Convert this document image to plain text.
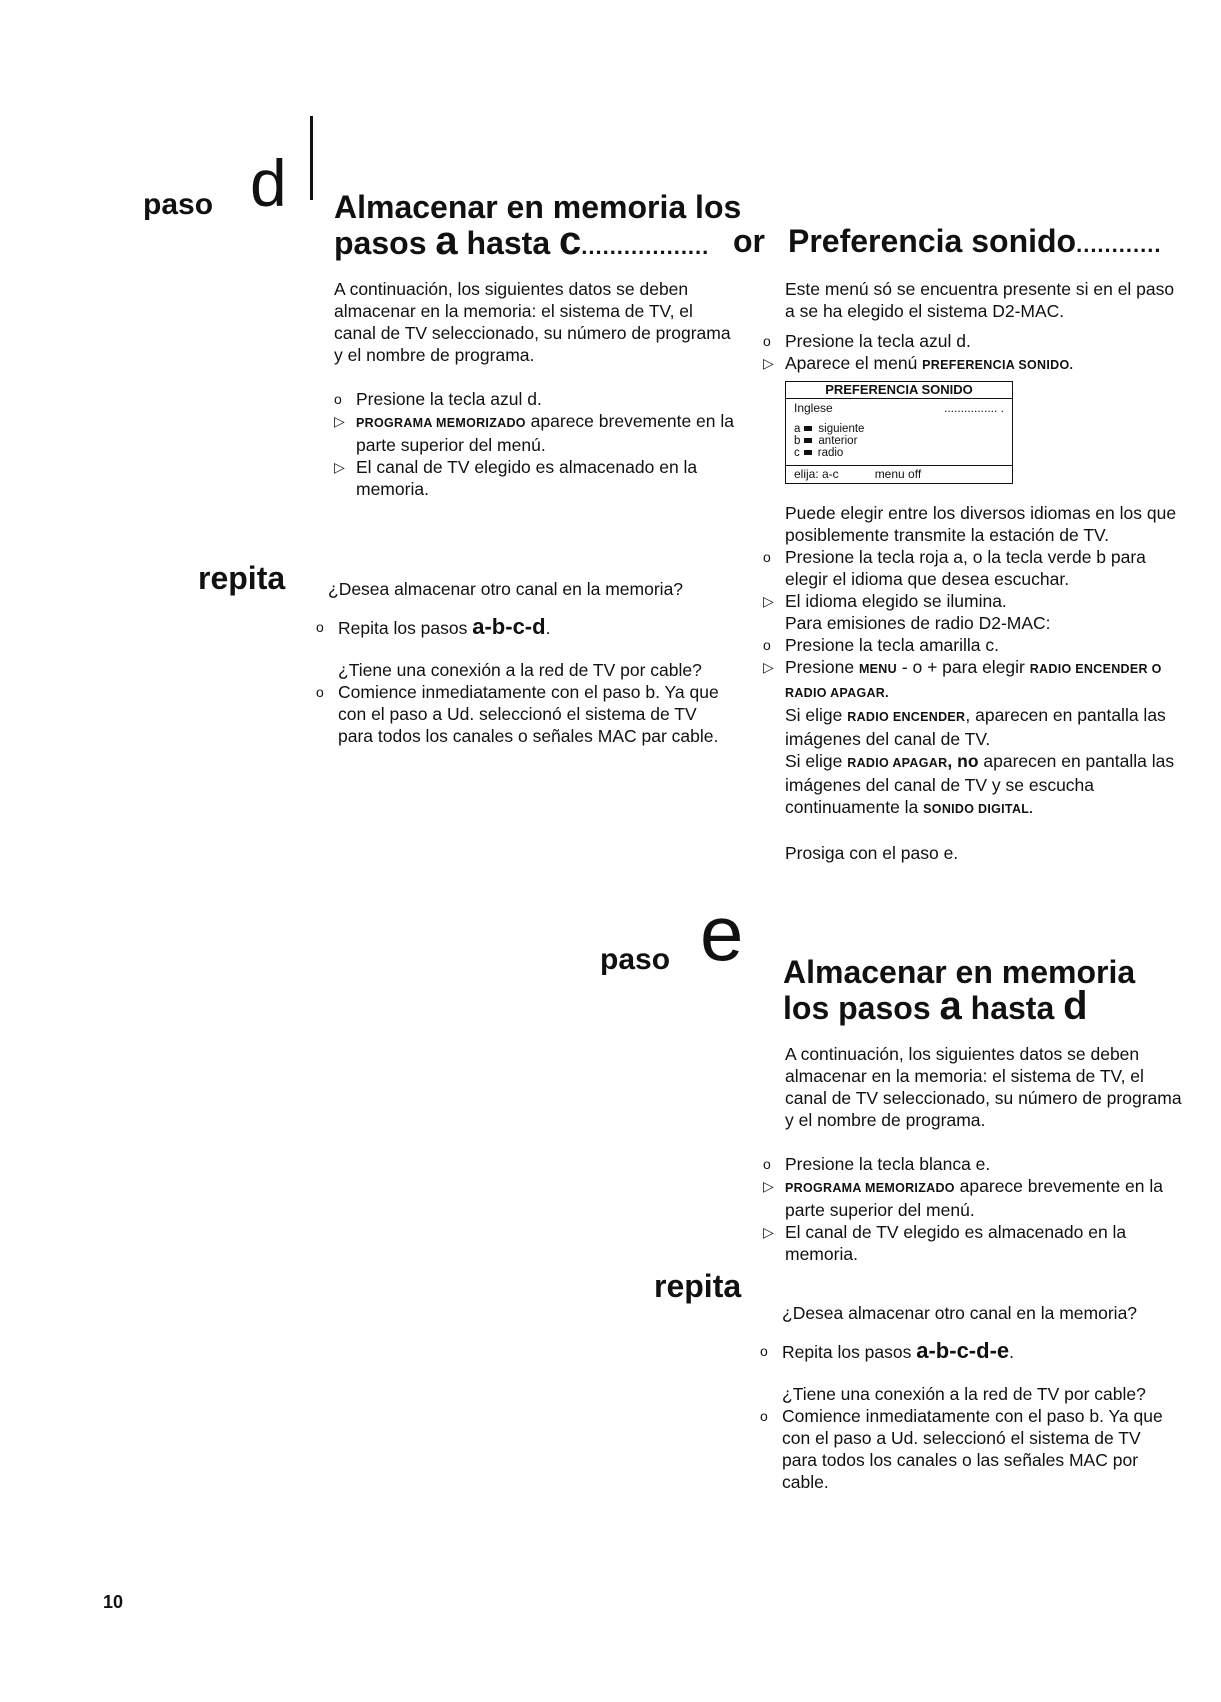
paso d Almacenar en memoria los
pasos a hasta c.................. or

A continuación, los siguientes datos se deben almacenar en la memoria: el sistema de TV, el canal de TV seleccionado, su número de programa y el nombre de programa.

o Presione la tecla azul d.
▷ PROGRAMA MEMORIZADO aparece brevemente en la parte superior del menú.
▷ El canal de TV elegido es almacenado en la memoria.
repita	¿Desea almacenar otro canal en la memoria?

o Repita los pasos a-b-c-d.

¿Tiene una conexión a la red de TV por cable?

o Comience inmediatamente con el paso b. Ya que con el paso a Ud. seleccionó el sistema de TV para todos los canales o señales MAC par cable.
Preferencia sonido............

Este menú só se encuentra presente si en el paso a se ha elegido el sistema D2-MAC.

o Presione la tecla azul d.
▷ Aparece el menú PREFERENCIA SONIDO.
PREFERENCIA SONIDO
Inglese	................ .
a siguiente
b anterior
c radio
elija: a-c	menu off

Puede elegir entre los diversos idiomas en los que posiblemente transmite la estación de TV.

o Presione la tecla roja a, o la tecla verde b para elegir el idioma que desea escuchar.
▷ El idioma elegido se ilumina.
Para emisiones de radio D2-MAC:
o Presione la tecla amarilla c.
▷ Presione MENU - o + para elegir RADIO ENCENDER O RADIO APAGAR.
Si elige RADIO ENCENDER, aparecen en pantalla las imágenes del canal de TV.
Si elige RADIO APAGAR, no aparecen en pantalla las imágenes del canal de TV y se escucha continuamente la SONIDO DIGITAL.

Prosiga con el paso e.

paso e Almacenar en memoria
los pasos a hasta d

A continuación, los siguientes datos se deben almacenar en la memoria: el sistema de TV, el canal de TV seleccionado, su número de programa y el nombre de programa.

o Presione la tecla blanca e.
▷ PROGRAMA MEMORIZADO aparece brevemente en la parte superior del menú.
▷ El canal de TV elegido es almacenado en la memoria.
repita

¿Desea almacenar otro canal en la memoria?

o Repita los pasos a-b-c-d-e.

¿Tiene una conexión a la red de TV por cable?

o Comience inmediatamente con el paso b. Ya que con el paso a Ud. seleccionó el sistema de TV para todos los canales o las señales MAC por cable.
10
